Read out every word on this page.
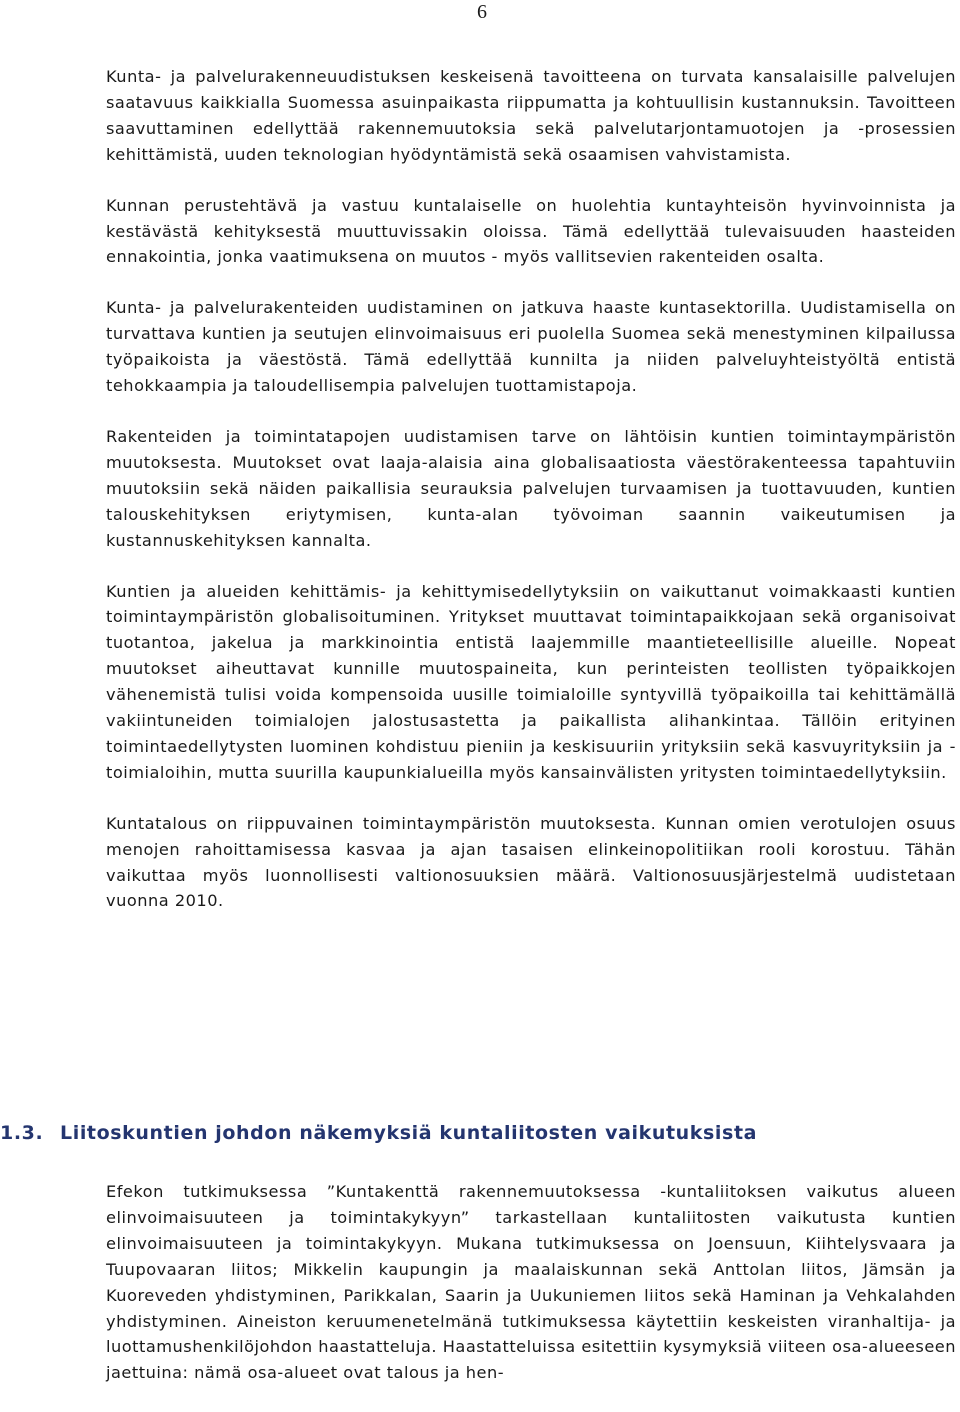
6

Kunta- ja palvelurakenneuudistuksen keskeisenä tavoitteena on turvata kansalaisille palvelujen saatavuus kaikkialla Suomessa asuinpaikasta riippumatta ja kohtuullisin kustannuksin. Tavoitteen saavuttaminen edellyttää rakennemuutoksia sekä palvelutarjontamuotojen ja -prosessien kehittämistä, uuden teknologian hyödyntämistä sekä osaamisen vahvistamista.

Kunnan perustehtävä ja vastuu kuntalaiselle on huolehtia kuntayhteisön hyvinvoinnista ja kestävästä kehityksestä muuttuvissakin oloissa. Tämä edellyttää tulevaisuuden haasteiden ennakointia, jonka vaatimuksena on muutos - myös vallitsevien rakenteiden osalta.

Kunta- ja palvelurakenteiden uudistaminen on jatkuva haaste kuntasektorilla. Uudistamisella on turvattava kuntien ja seutujen elinvoimaisuus eri puolella Suomea sekä menestyminen kilpailussa työpaikoista ja väestöstä. Tämä edellyttää kunnilta ja niiden palveluyhteistyöltä entistä tehokkaampia ja taloudellisempia palvelujen tuottamistapoja.

Rakenteiden ja toimintatapojen uudistamisen tarve on lähtöisin kuntien toimintaympäristön muutoksesta. Muutokset ovat laaja-alaisia aina globalisaatiosta väestörakenteessa tapahtuviin muutoksiin sekä näiden paikallisia seurauksia palvelujen turvaamisen ja tuottavuuden, kuntien talouskehityksen eriytymisen, kunta-alan työvoiman saannin vaikeutumisen ja kustannuskehityksen kannalta.

Kuntien ja alueiden kehittämis- ja kehittymisedellytyksiin on vaikuttanut voimakkaasti kuntien toimintaympäristön globalisoituminen. Yritykset muuttavat toimintapaikkojaan sekä organisoivat tuotantoa, jakelua ja markkinointia entistä laajemmille maantieteellisille alueille. Nopeat muutokset aiheuttavat kunnille muutospaineita, kun perinteisten teollisten työpaikkojen vähenemistä tulisi voida kompensoida uusille toimialoille syntyvillä työpaikoilla tai kehittämällä vakiintuneiden toimialojen jalostusastetta ja paikallista alihankintaa. Tällöin erityinen toimintaedellytysten luominen kohdistuu pieniin ja keskisuuriin yrityksiin sekä kasvuyrityksiin ja -toimialoihin, mutta suurilla kaupunkialueilla myös kansainvälisten yritysten toimintaedellytyksiin.

Kuntatalous on riippuvainen toimintaympäristön muutoksesta. Kunnan omien verotulojen osuus menojen rahoittamisessa kasvaa ja ajan tasaisen elinkeinopolitiikan rooli korostuu. Tähän vaikuttaa myös luonnollisesti valtionosuuksien määrä. Valtionosuusjärjestelmä uudistetaan vuonna 2010.

1.3. Liitoskuntien johdon näkemyksiä kuntaliitosten vaikutuksista

Efekon tutkimuksessa ”Kuntakenttä rakennemuutoksessa -kuntaliitoksen vaikutus alueen elinvoimaisuuteen ja toimintakykyyn” tarkastellaan kuntaliitosten vaikutusta kuntien elinvoimaisuuteen ja toimintakykyyn. Mukana tutkimuksessa on Joensuun, Kiihtelysvaara ja Tuupovaaran liitos; Mikkelin kaupungin ja maalaiskunnan sekä Anttolan liitos, Jämsän ja Kuoreveden yhdistyminen, Parikkalan, Saarin ja Uukuniemen liitos sekä Haminan ja Vehkalahden yhdistyminen. Aineiston keruumenetelmänä tutkimuksessa käytettiin keskeisten viranhaltija- ja luottamushenkilöjohdon haastatteluja. Haastatteluissa esitettiin kysymyksiä viiteen osa-alueeseen jaettuina: nämä osa-alueet ovat talous ja hen-
